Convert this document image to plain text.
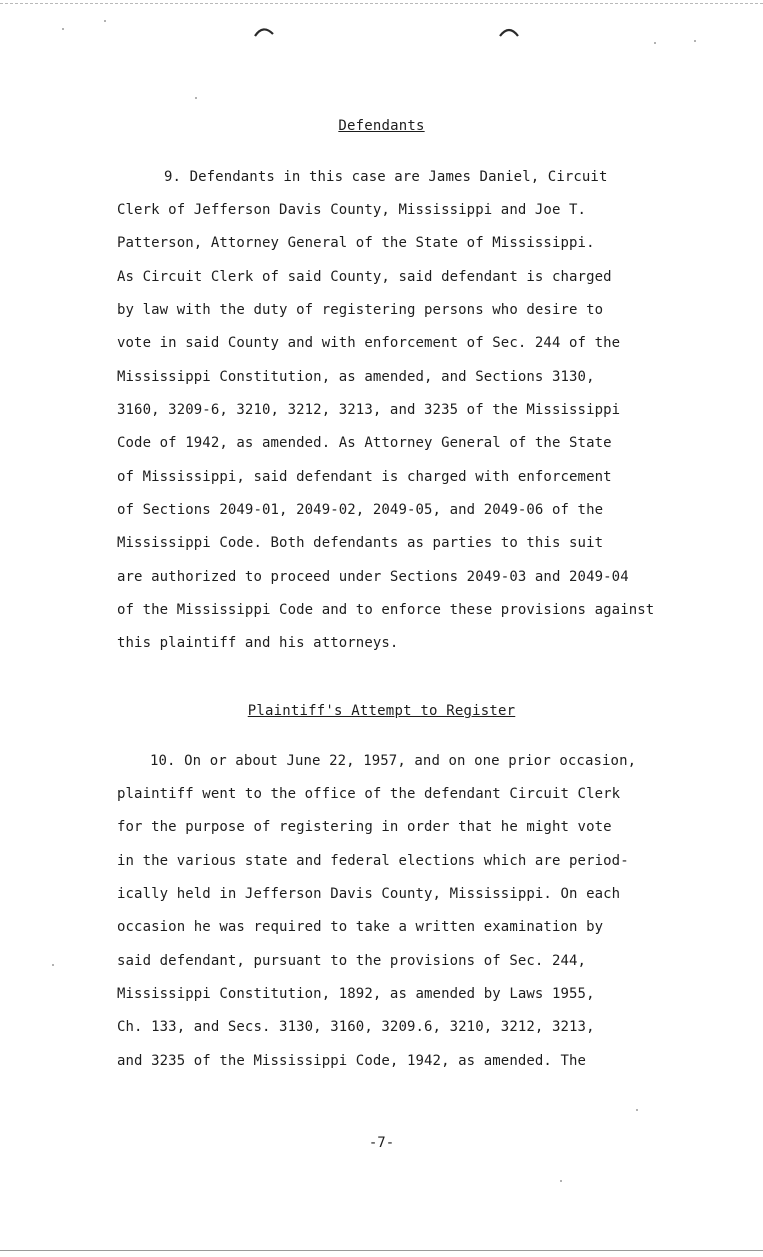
Defendants
9. Defendants in this case are James Daniel, Circuit
Clerk of Jefferson Davis County, Mississippi and Joe T.
Patterson, Attorney General of the State of Mississippi.
As Circuit Clerk of said County, said defendant is charged
by law with the duty of registering persons who desire to
vote in said County and with enforcement of Sec. 244 of the
Mississippi Constitution, as amended, and Sections 3130,
3160, 3209-6, 3210, 3212, 3213, and 3235 of the Mississippi
Code of 1942, as amended. As Attorney General of the State
of Mississippi, said defendant is charged with enforcement
of Sections 2049-01, 2049-02, 2049-05, and 2049-06 of the
Mississippi Code. Both defendants as parties to this suit
are authorized to proceed under Sections 2049-03 and 2049-04
of the Mississippi Code and to enforce these provisions against
this plaintiff and his attorneys.
Plaintiff's Attempt to Register
10. On or about June 22, 1957, and on one prior occasion,
plaintiff went to the office of the defendant Circuit Clerk
for the purpose of registering in order that he might vote
in the various state and federal elections which are period-
ically held in Jefferson Davis County, Mississippi. On each
occasion he was required to take a written examination by
said defendant, pursuant to the provisions of Sec. 244,
Mississippi Constitution, 1892, as amended by Laws 1955,
Ch. 133, and Secs. 3130, 3160, 3209.6, 3210, 3212, 3213,
and 3235 of the Mississippi Code, 1942, as amended. The
-7-
